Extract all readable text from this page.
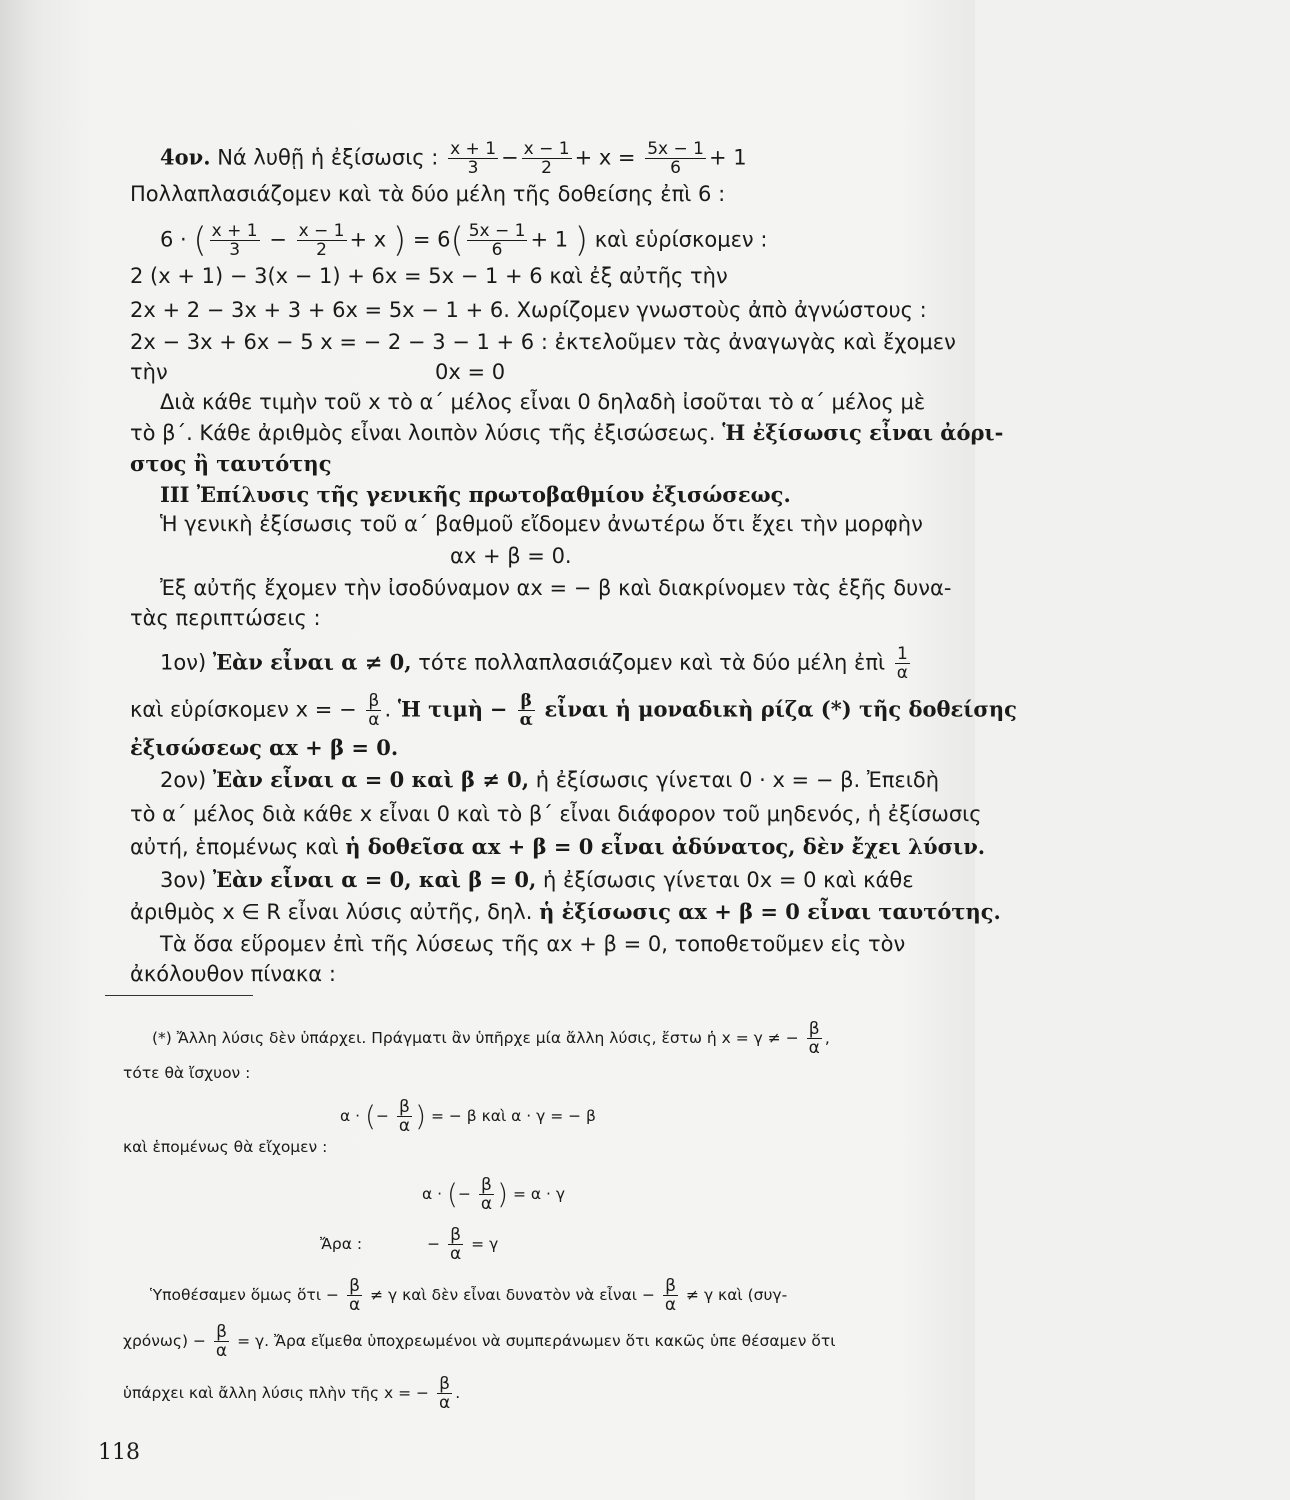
4ον. Νά λυθῇ ἡ ἐξίσωσις : $\frac{x + 1}{3} - \frac{x - 1}{2} + x = \frac{5x - 1}{6} + 1$
Πολλαπλασιάζομεν καὶ τὰ δύο μέλη τῆς δοθείσης ἐπὶ 6 :
6 · ( $\frac{x + 1}{3} - \frac{x - 1}{2} + x$ ) = $6( \frac{5x - 1}{6} + 1$ ) καὶ εὑρίσκομεν :
2 (x + 1) − 3(x − 1) + 6x = 5x − 1 + 6 καὶ ἐξ αὐτῆς τὴν
2x + 2 − 3x + 3 + 6x = 5x − 1 + 6. Χωρίζομεν γνωστοὺς ἀπὸ ἀγνώστους :
2x − 3x + 6x − 5 x = − 2 − 3 − 1 + 6 : ἐκτελοῦμεν τὰς ἀναγωγὰς καὶ ἔχομεν
τὴν	0x = 0
Διὰ κάθε τιμὴν τοῦ x τὸ α΄ μέλος εἶναι 0 δηλαδὴ ἰσοῦται τὸ α΄ μέλος μὲ
τὸ β΄. Κάθε ἀριθμὸς εἶναι λοιπὸν λύσις τῆς ἐξισώσεως. Ἡ ἐξίσωσις εἶναι ἀόρι-
στος ἢ ταυτότης
ΙΙΙ Ἐπίλυσις τῆς γενικῆς πρωτοβαθμίου ἐξισώσεως.
Ἡ γενικὴ ἐξίσωσις τοῦ α΄ βαθμοῦ εἴδομεν ἀνωτέρω ὅτι ἔχει τὴν μορφὴν
αx + β = 0.
Ἐξ αὐτῆς ἔχομεν τὴν ἰσοδύναμον αx = − β καὶ διακρίνομεν τὰς ἑξῆς δυνα-
τὰς περιπτώσεις :
1ον) Ἐὰν εἶναι α ≠ 0, τότε πολλαπλασιάζομεν καὶ τὰ δύο μέλη ἐπὶ $\frac{1}{\alpha}$
καὶ εὑρίσκομεν x = − $\frac{\beta}{\alpha}$ . Ἡ τιμὴ − $\frac{\beta}{\alpha}$ εἶναι ἡ μοναδικὴ ρίζα (*) τῆς δοθείσης
ἐξισώσεως αx + β = 0.
2ον) Ἐὰν εἶναι α = 0 καὶ β ≠ 0, ἡ ἐξίσωσις γίνεται 0 · x = − β. Ἐπειδὴ
τὸ α΄ μέλος διὰ κάθε x εἶναι 0 καὶ τὸ β΄ εἶναι διάφορον τοῦ μηδενός, ἡ ἐξίσωσις
αὐτή, ἑπομένως καὶ ἡ δοθεῖσα αx + β = 0 εἶναι ἀδύνατος, δὲν ἔχει λύσιν.
3ον) Ἐὰν εἶναι α = 0, καὶ β = 0, ἡ ἐξίσωσις γίνεται 0x = 0 καὶ κάθε
ἀριθμὸς x ∈ R εἶναι λύσις αὐτῆς, δηλ. ἡ ἐξίσωσις αx + β = 0 εἶναι ταυτότης.
Τὰ ὅσα εὕρομεν ἐπὶ τῆς λύσεως τῆς αx + β = 0, τοποθετοῦμεν εἰς τὸν
ἀκόλουθον πίνακα :
(*) Ἄλλη λύσις δὲν ὑπάρχει. Πράγματι ἂν ὑπῆρχε μία ἄλλη λύσις, ἔστω ἡ x = γ ≠ − $\frac{\beta}{\alpha}$ ,
τότε θὰ ἴσχυον :
α · (− $\frac{\beta}{\alpha}$ ) = − β καὶ α · γ = − β
καὶ ἑπομένως θὰ εἴχομεν :
α · (− $\frac{\beta}{\alpha}$ ) = α · γ
Ἄρα :	− $\frac{\beta}{\alpha} = \gamma$
Ὑποθέσαμεν ὅμως ὅτι − $\frac{\beta}{\alpha} \ne \gamma$ καὶ δὲν εἶναι δυνατὸν νὰ εἶναι − $\frac{\beta}{\alpha} \ne \gamma$ καὶ (συγ-
$\chi\rho ό\nu\omega\varsigma) - \frac{\beta}{\alpha} = \gamma$. Ἄρα εἴμεθα ὑποχρεωμένοι νὰ συμπεράνωμεν ὅτι κακῶς ὑπε θέσαμεν ὅτι
ὑπάρχει καὶ ἄλλη λύσις πλὴν τῆς x = − $\frac{\beta}{\alpha}$ .
118
